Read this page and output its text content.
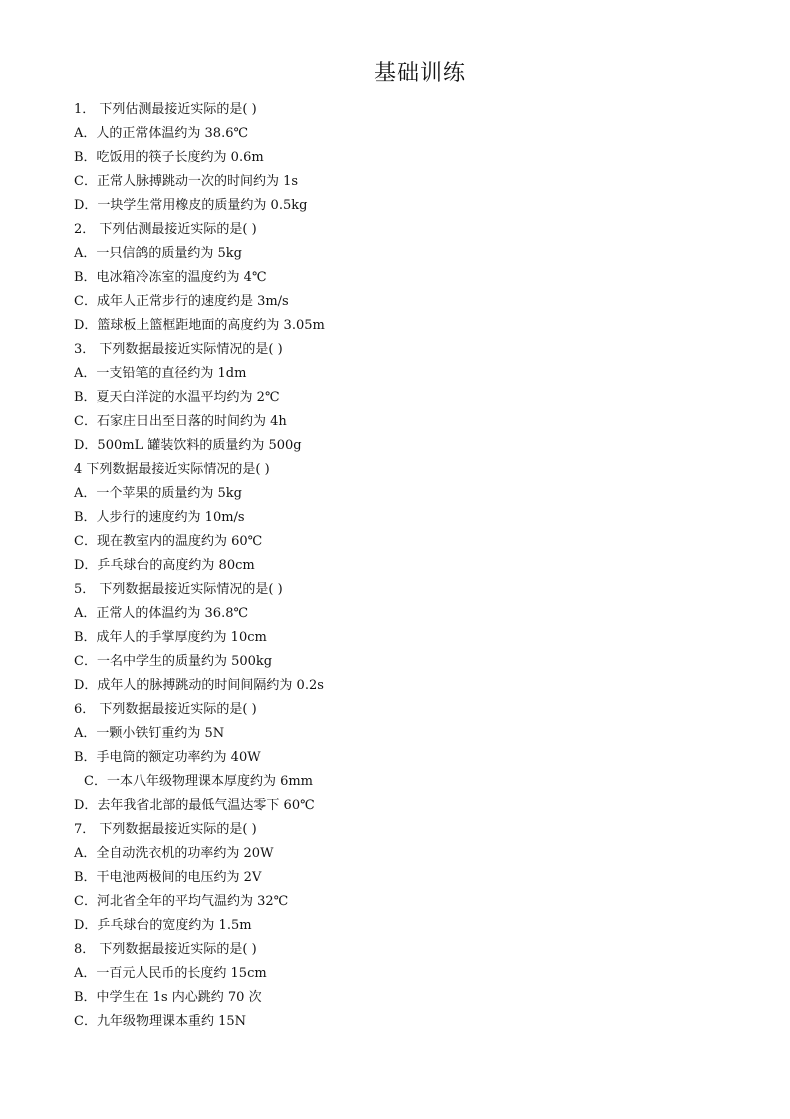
基础训练
1． 下列估测最接近实际的是( )
A．人的正常体温约为 38.6℃
B．吃饭用的筷子长度约为 0.6m
C．正常人脉搏跳动一次的时间约为 1s
D．一块学生常用橡皮的质量约为 0.5kg
2． 下列估测最接近实际的是( )
A．一只信鸽的质量约为 5kg
B．电冰箱冷冻室的温度约为 4℃
C．成年人正常步行的速度约是 3m/s
D．篮球板上篮框距地面的高度约为 3.05m
3． 下列数据最接近实际情况的是( )
A．一支铅笔的直径约为 1dm
B．夏天白洋淀的水温平均约为 2℃
C．石家庄日出至日落的时间约为 4h
D．500mL 罐装饮料的质量约为 500g
4 下列数据最接近实际情况的是( )
A．一个苹果的质量约为 5kg
B．人步行的速度约为 10m/s
C．现在教室内的温度约为 60℃
D．乒乓球台的高度约为 80cm
5． 下列数据最接近实际情况的是( )
A．正常人的体温约为 36.8℃
B．成年人的手掌厚度约为 10cm
C．一名中学生的质量约为 500kg
D．成年人的脉搏跳动的时间间隔约为 0.2s
6． 下列数据最接近实际的是( )
A．一颗小铁钉重约为 5N
B．手电筒的额定功率约为 40W
C．一本八年级物理课本厚度约为 6mm
D．去年我省北部的最低气温达零下 60℃
7． 下列数据最接近实际的是( )
A．全自动洗衣机的功率约为 20W
B．干电池两极间的电压约为 2V
C．河北省全年的平均气温约为 32℃
D．乒乓球台的宽度约为 1.5m
8． 下列数据最接近实际的是( )
A．一百元人民币的长度约 15cm
B．中学生在 1s 内心跳约 70 次
C．九年级物理课本重约 15N
